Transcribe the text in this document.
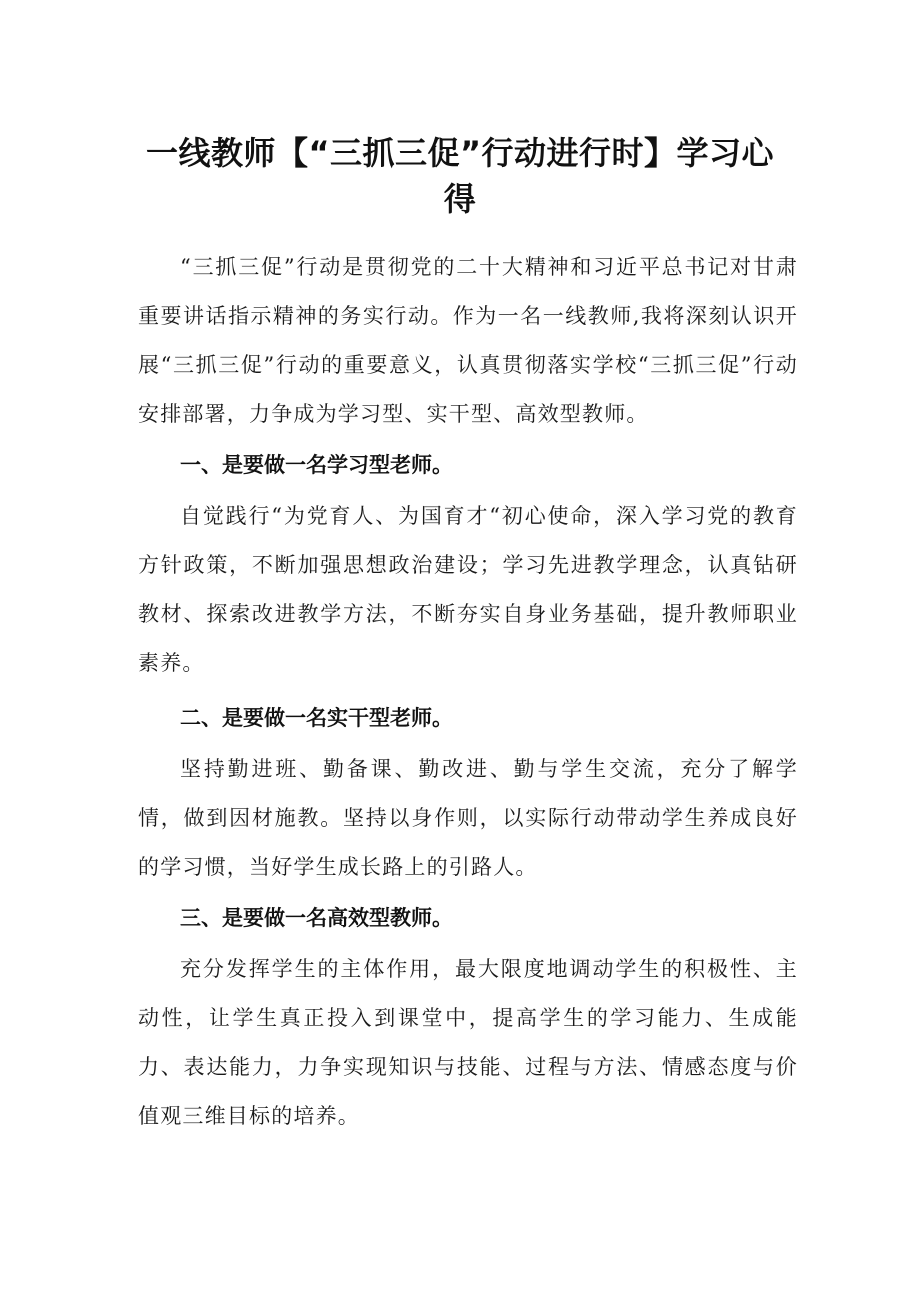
一线教师【“三抓三促”行动进行时】学习心得

“三抓三促”行动是贯彻党的二十大精神和习近平总书记对甘肃重要讲话指示精神的务实行动。作为一名一线教师,我将深刻认识开展“三抓三促”行动的重要意义，认真贯彻落实学校“三抓三促”行动安排部署，力争成为学习型、实干型、高效型教师。

一、是要做一名学习型老师。

自觉践行“为党育人、为国育才“初心使命，深入学习党的教育方针政策，不断加强思想政治建设；学习先进教学理念，认真钻研教材、探索改进教学方法，不断夯实自身业务基础，提升教师职业素养。

二、是要做一名实干型老师。

坚持勤进班、勤备课、勤改进、勤与学生交流，充分了解学情，做到因材施教。坚持以身作则，以实际行动带动学生养成良好的学习惯，当好学生成长路上的引路人。

三、是要做一名高效型教师。

充分发挥学生的主体作用，最大限度地调动学生的积极性、主动性，让学生真正投入到课堂中，提高学生的学习能力、生成能力、表达能力，力争实现知识与技能、过程与方法、情感态度与价值观三维目标的培养。
